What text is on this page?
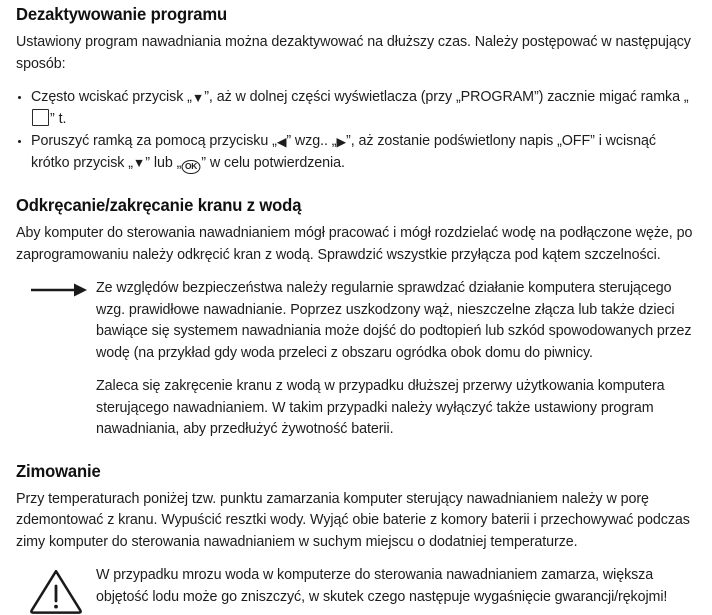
Dezaktywowanie programu

Ustawiony program nawadniania można dezaktywować na dłuższy czas. Należy postępować w następujący sposób:

Często wciskać przycisk „▼”, aż w dolnej części wyświetlacza (przy „PROGRAM”) zacznie migać ramka „” t.
Poruszyć ramką za pomocą przycisku „◀” wzg.. „▶”, aż zostanie podświetlony napis „OFF” i wcisnąć krótko przycisk „▼” lub „ OK ” w celu potwierdzenia.
Odkręcanie/zakręcanie kranu z wodą

Aby komputer do sterowania nawadnianiem mógł pracować i mógł rozdzielać wodę na podłączone węże, po zaprogramowaniu należy odkręcić kran z wodą. Sprawdzić wszystkie przyłącza pod kątem szczelności.

Ze względów bezpieczeństwa należy regularnie sprawdzać działanie komputera sterującego wzg. prawidłowe nawadnianie. Poprzez uszkodzony wąż, nieszczelne złącza lub także dzieci bawiące się systemem nawadniania może dojść do podtopień lub szkód spowodowanych przez wodę (na przykład gdy woda przeleci z obszaru ogródka obok domu do piwnicy.

Zaleca się zakręcenie kranu z wodą w przypadku dłuższej przerwy użytkowania komputera sterującego nawadnianiem. W takim przypadki należy wyłączyć także ustawiony program nawadniania, aby przedłużyć żywotność baterii.

Zimowanie

Przy temperaturach poniżej tzw. punktu zamarzania komputer sterujący nawadnianiem należy w porę zdemontować z kranu. Wypuścić resztki wody. Wyjąć obie baterie z komory baterii i przechowywać podczas zimy komputer do sterowania nawadnianiem w suchym miejscu o dodatniej temperaturze.

W przypadku mrozu woda w komputerze do sterowania nawadnianiem zamarza, większa objętość lodu może go zniszczyć, w skutek czego następuje wygaśnięcie gwarancji/rękojmi!
